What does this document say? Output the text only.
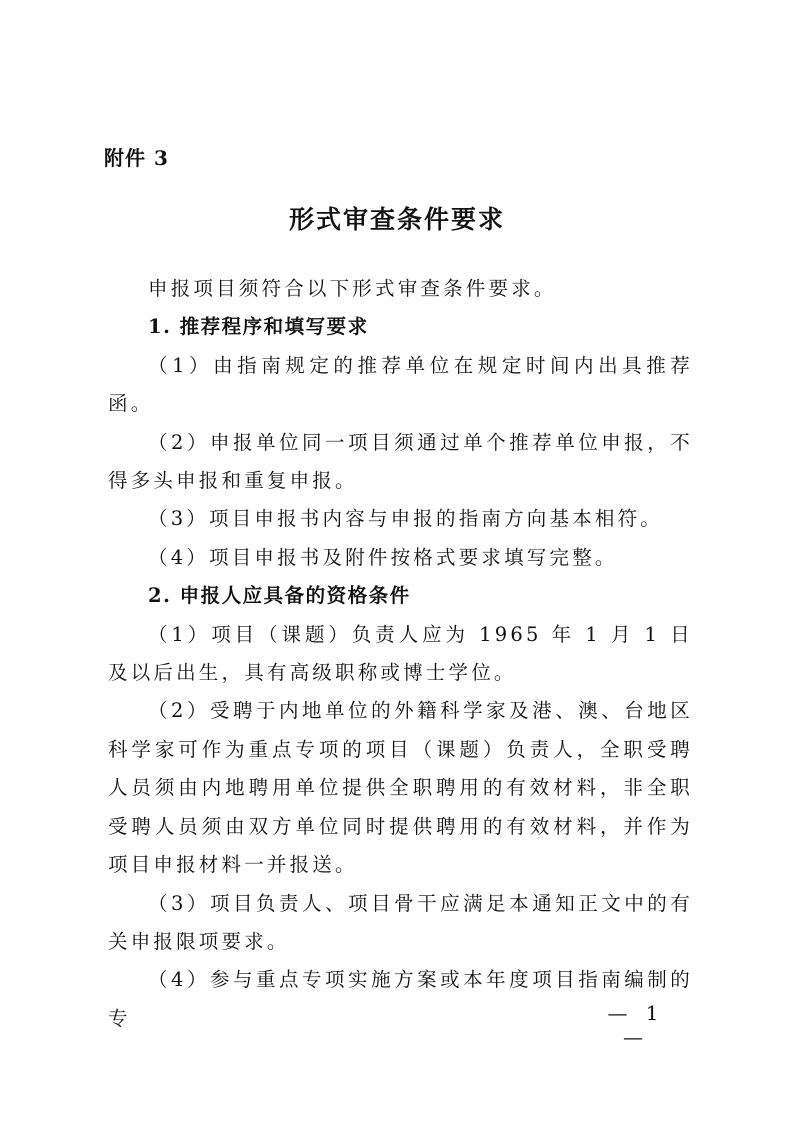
附件 3
形式审查条件要求

申报项目须符合以下形式审查条件要求。

1. 推荐程序和填写要求

（1）由指南规定的推荐单位在规定时间内出具推荐函。

（2）申报单位同一项目须通过单个推荐单位申报，不得多头申报和重复申报。

（3）项目申报书内容与申报的指南方向基本相符。

（4）项目申报书及附件按格式要求填写完整。

2. 申报人应具备的资格条件

（1）项目（课题）负责人应为 1965 年 1 月 1 日及以后出生，具有高级职称或博士学位。

（2）受聘于内地单位的外籍科学家及港、澳、台地区科学家可作为重点专项的项目（课题）负责人，全职受聘人员须由内地聘用单位提供全职聘用的有效材料，非全职受聘人员须由双方单位同时提供聘用的有效材料，并作为项目申报材料一并报送。

（3）项目负责人、项目骨干应满足本通知正文中的有关申报限项要求。

（4）参与重点专项实施方案或本年度项目指南编制的专	— 1 —
